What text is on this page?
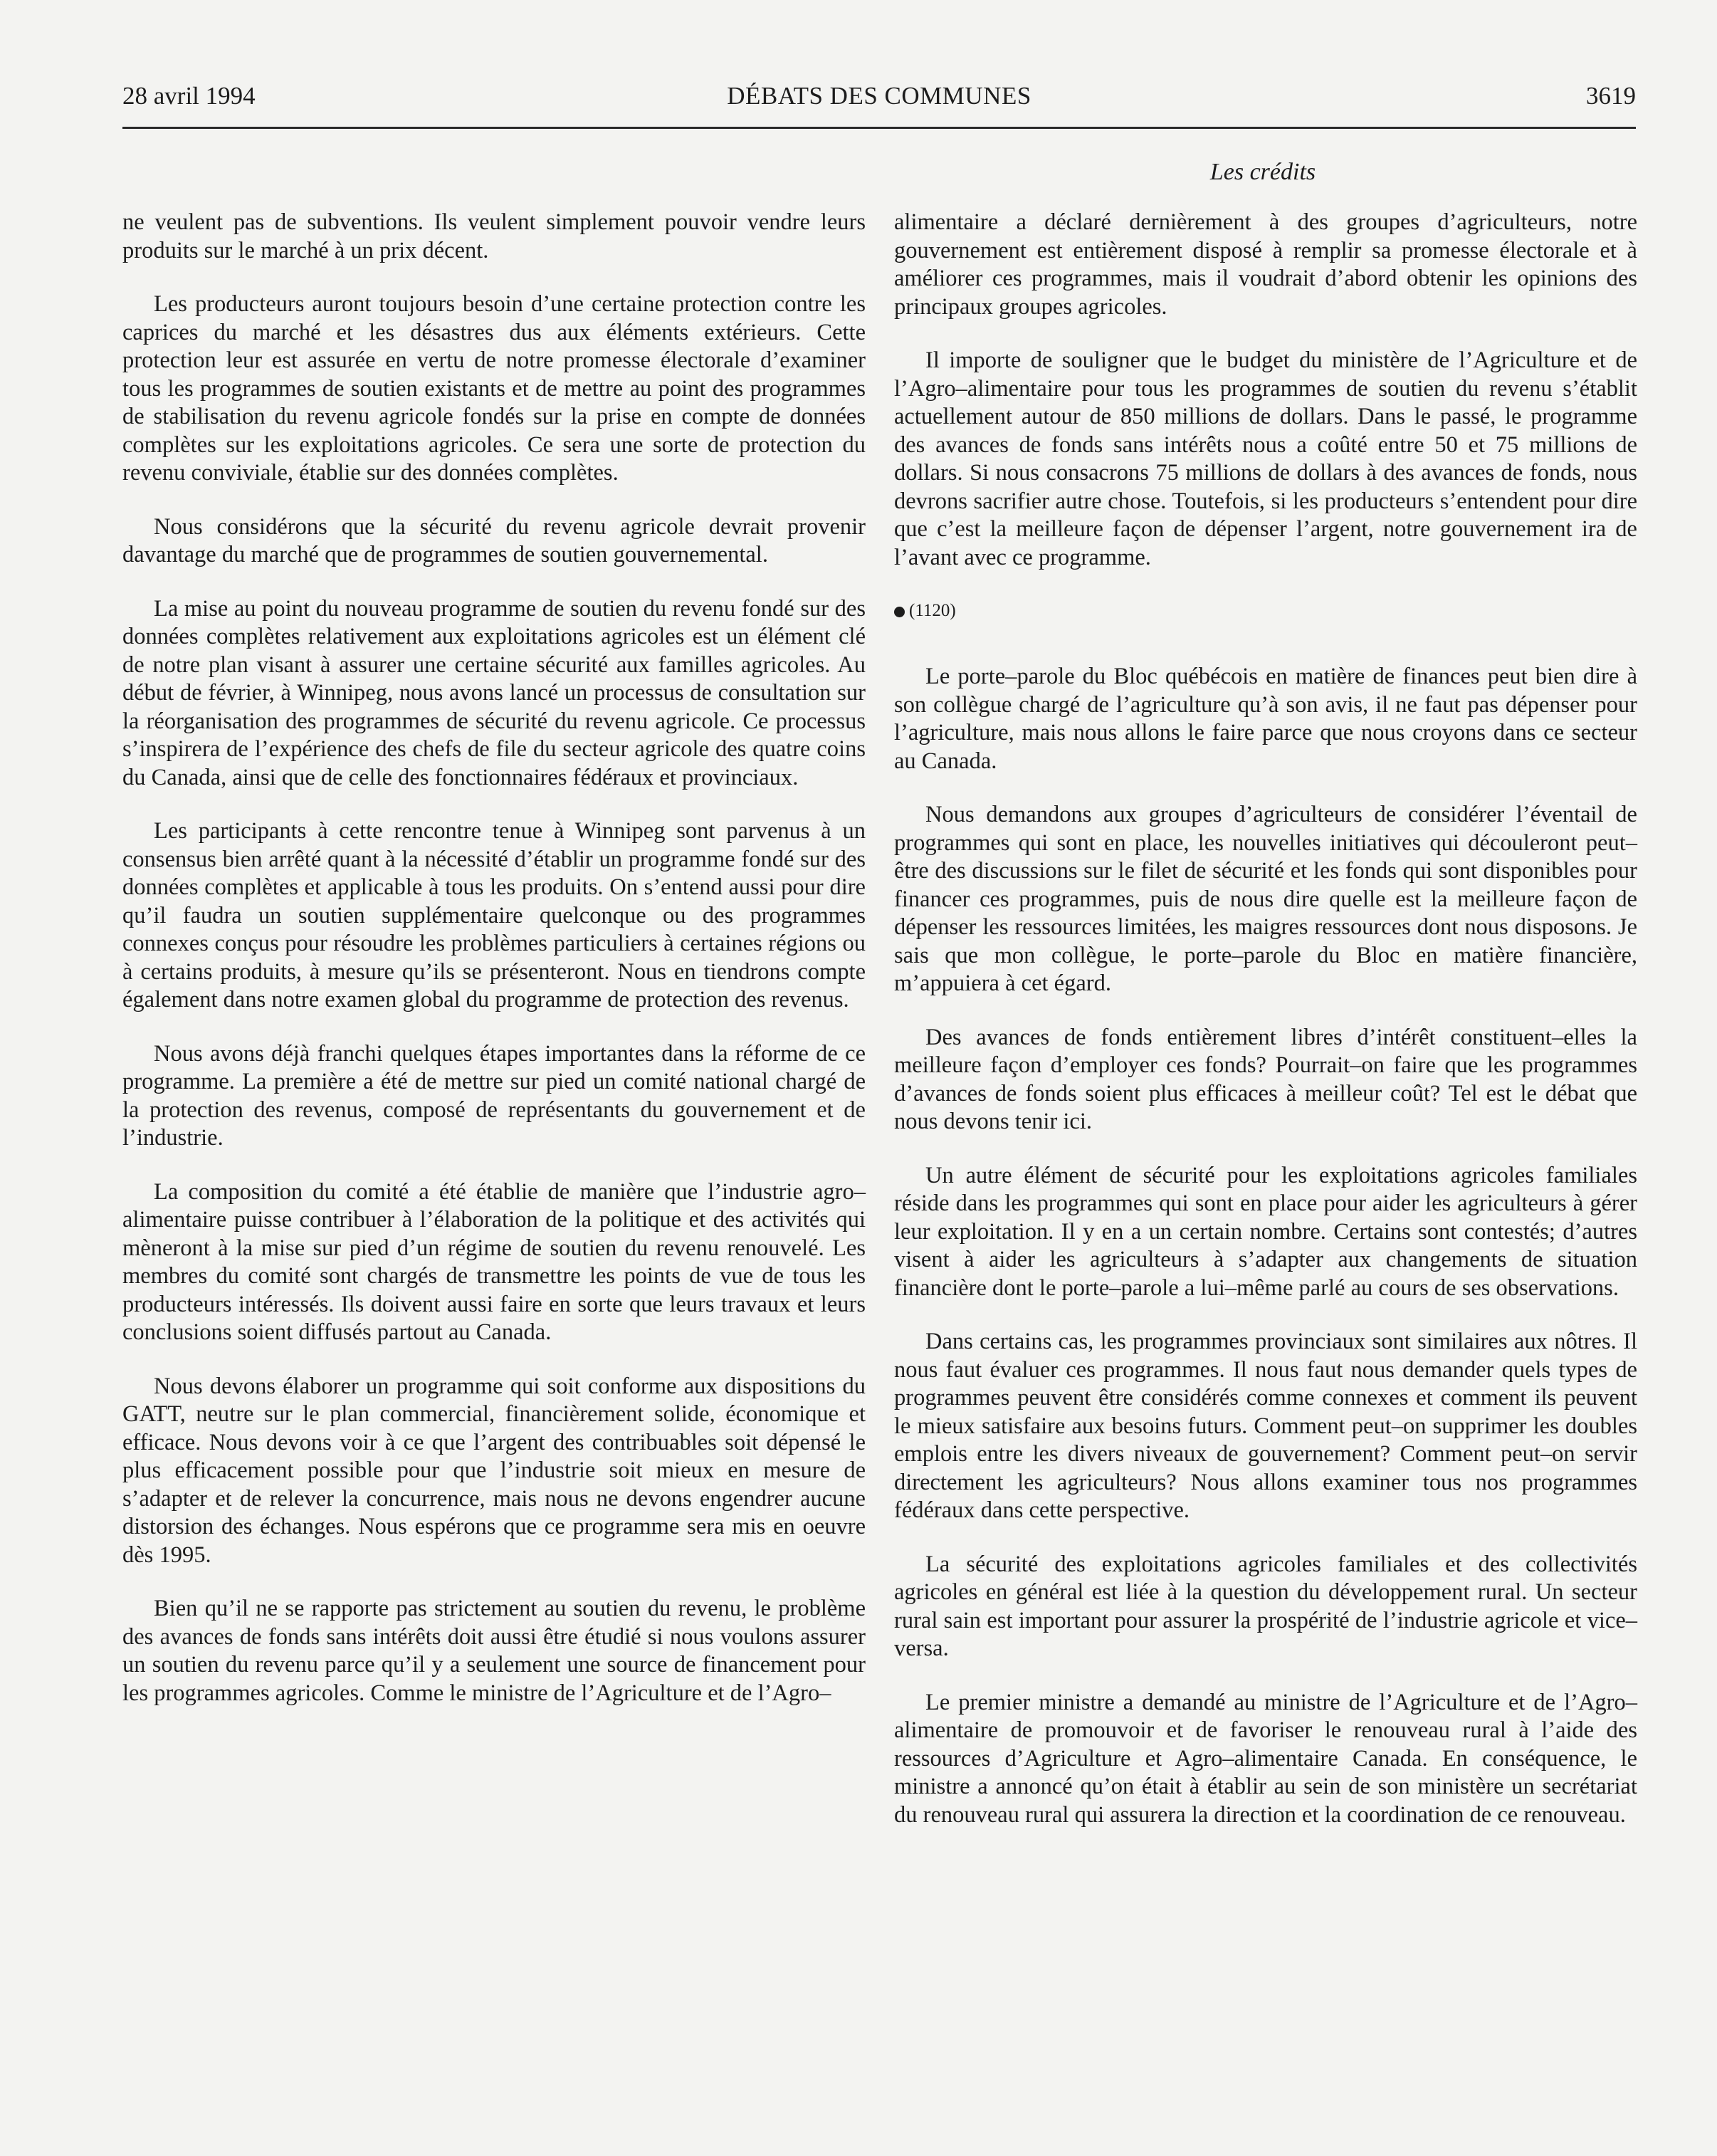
DÉBATS DES COMMUNES
28 avril 1994	3619
Les crédits

ne veulent pas de subventions. Ils veulent simplement pouvoir vendre leurs produits sur le marché à un prix décent.

Les producteurs auront toujours besoin d’une certaine protection contre les caprices du marché et les désastres dus aux éléments extérieurs. Cette protection leur est assurée en vertu de notre promesse électorale d’examiner tous les programmes de soutien existants et de mettre au point des programmes de stabilisation du revenu agricole fondés sur la prise en compte de données complètes sur les exploitations agricoles. Ce sera une sorte de protection du revenu conviviale, établie sur des données complètes.

Nous considérons que la sécurité du revenu agricole devrait provenir davantage du marché que de programmes de soutien gouvernemental.

La mise au point du nouveau programme de soutien du revenu fondé sur des données complètes relativement aux exploitations agricoles est un élément clé de notre plan visant à assurer une certaine sécurité aux familles agricoles. Au début de février, à Winnipeg, nous avons lancé un processus de consultation sur la réorganisation des programmes de sécurité du revenu agricole. Ce processus s’inspirera de l’expérience des chefs de file du secteur agricole des quatre coins du Canada, ainsi que de celle des fonctionnaires fédéraux et provinciaux.

Les participants à cette rencontre tenue à Winnipeg sont parvenus à un consensus bien arrêté quant à la nécessité d’établir un programme fondé sur des données complètes et applicable à tous les produits. On s’entend aussi pour dire qu’il faudra un soutien supplémentaire quelconque ou des programmes connexes conçus pour résoudre les problèmes particuliers à certaines régions ou à certains produits, à mesure qu’ils se présenteront. Nous en tiendrons compte également dans notre examen global du programme de protection des revenus.

Nous avons déjà franchi quelques étapes importantes dans la réforme de ce programme. La première a été de mettre sur pied un comité national chargé de la protection des revenus, composé de représentants du gouvernement et de l’industrie.

La composition du comité a été établie de manière que l’industrie agro–alimentaire puisse contribuer à l’élaboration de la politique et des activités qui mèneront à la mise sur pied d’un régime de soutien du revenu renouvelé. Les membres du comité sont chargés de transmettre les points de vue de tous les producteurs intéressés. Ils doivent aussi faire en sorte que leurs travaux et leurs conclusions soient diffusés partout au Canada.

Nous devons élaborer un programme qui soit conforme aux dispositions du GATT, neutre sur le plan commercial, financièrement solide, économique et efficace. Nous devons voir à ce que l’argent des contribuables soit dépensé le plus efficacement possible pour que l’industrie soit mieux en mesure de s’adapter et de relever la concurrence, mais nous ne devons engendrer aucune distorsion des échanges. Nous espérons que ce programme sera mis en oeuvre dès 1995.

Bien qu’il ne se rapporte pas strictement au soutien du revenu, le problème des avances de fonds sans intérêts doit aussi être étudié si nous voulons assurer un soutien du revenu parce qu’il y a seulement une source de financement pour les programmes agricoles. Comme le ministre de l’Agriculture et de l’Agro–

alimentaire a déclaré dernièrement à des groupes d’agriculteurs, notre gouvernement est entièrement disposé à remplir sa promesse électorale et à améliorer ces programmes, mais il voudrait d’abord obtenir les opinions des principaux groupes agricoles.

Il importe de souligner que le budget du ministère de l’Agriculture et de l’Agro–alimentaire pour tous les programmes de soutien du revenu s’établit actuellement autour de 850 millions de dollars. Dans le passé, le programme des avances de fonds sans intérêts nous a coûté entre 50 et 75 millions de dollars. Si nous consacrons 75 millions de dollars à des avances de fonds, nous devrons sacrifier autre chose. Toutefois, si les producteurs s’entendent pour dire que c’est la meilleure façon de dépenser l’argent, notre gouvernement ira de l’avant avec ce programme.

(1120)

Le porte–parole du Bloc québécois en matière de finances peut bien dire à son collègue chargé de l’agriculture qu’à son avis, il ne faut pas dépenser pour l’agriculture, mais nous allons le faire parce que nous croyons dans ce secteur au Canada.

Nous demandons aux groupes d’agriculteurs de considérer l’éventail de programmes qui sont en place, les nouvelles initiatives qui découleront peut–être des discussions sur le filet de sécurité et les fonds qui sont disponibles pour financer ces programmes, puis de nous dire quelle est la meilleure façon de dépenser les ressources limitées, les maigres ressources dont nous disposons. Je sais que mon collègue, le porte–parole du Bloc en matière financière, m’appuiera à cet égard.

Des avances de fonds entièrement libres d’intérêt constituent–elles la meilleure façon d’employer ces fonds? Pourrait–on faire que les programmes d’avances de fonds soient plus efficaces à meilleur coût? Tel est le débat que nous devons tenir ici.

Un autre élément de sécurité pour les exploitations agricoles familiales réside dans les programmes qui sont en place pour aider les agriculteurs à gérer leur exploitation. Il y en a un certain nombre. Certains sont contestés; d’autres visent à aider les agriculteurs à s’adapter aux changements de situation financière dont le porte–parole a lui–même parlé au cours de ses observations.

Dans certains cas, les programmes provinciaux sont similaires aux nôtres. Il nous faut évaluer ces programmes. Il nous faut nous demander quels types de programmes peuvent être considérés comme connexes et comment ils peuvent le mieux satisfaire aux besoins futurs. Comment peut–on supprimer les doubles emplois entre les divers niveaux de gouvernement? Comment peut–on servir directement les agriculteurs? Nous allons examiner tous nos programmes fédéraux dans cette perspective.

La sécurité des exploitations agricoles familiales et des collectivités agricoles en général est liée à la question du développement rural. Un secteur rural sain est important pour assurer la prospérité de l’industrie agricole et vice–versa.

Le premier ministre a demandé au ministre de l’Agriculture et de l’Agro–alimentaire de promouvoir et de favoriser le renouveau rural à l’aide des ressources d’Agriculture et Agro–alimentaire Canada. En conséquence, le ministre a annoncé qu’on était à établir au sein de son ministère un secrétariat du renouveau rural qui assurera la direction et la coordination de ce renouveau.
